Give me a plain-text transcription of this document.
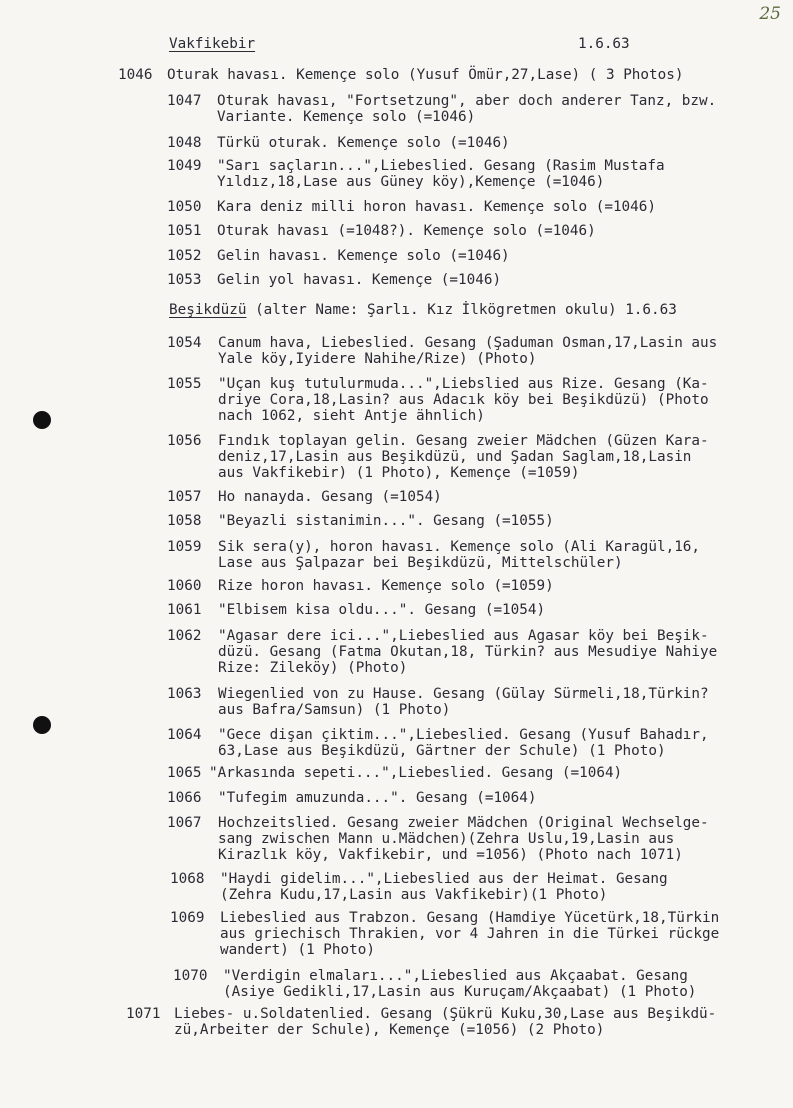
25
Vakfikebir	1.6.63
Beşikdüzü (alter Name: Şarlı. Kız İlkögretmen okulu) 1.6.63
1046 Oturak havası. Kemençe solo (Yusuf Ömür,27,Lase) ( 3 Photos)
1047 Oturak havası, "Fortsetzung", aber doch anderer Tanz, bzw.
Variante. Kemençe solo (=1046)
1048 Türkü oturak. Kemençe solo (=1046)
1049 "Sarı saçların...",Liebeslied. Gesang (Rasim Mustafa
Yıldız,18,Lase aus Güney köy),Kemençe (=1046)
1050 Kara deniz milli horon havası. Kemençe solo (=1046)
1051 Oturak havası (=1048?). Kemençe solo (=1046)
1052 Gelin havası. Kemençe solo (=1046)
1053 Gelin yol havası. Kemençe (=1046)
1054 Canum hava, Liebeslied. Gesang (Şaduman Osman,17,Lasin aus
Yale köy,Iyidere Nahihe/Rize) (Photo)
1055 "Uçan kuş tutulurmuda...",Liebslied aus Rize. Gesang (Ka-
driye Cora,18,Lasin? aus Adacık köy bei Beşikdüzü) (Photo
nach 1062, sieht Antje ähnlich)
1056 Fındık toplayan gelin. Gesang zweier Mädchen (Güzen Kara-
deniz,17,Lasin aus Beşikdüzü, und Şadan Saglam,18,Lasin
aus Vakfikebir) (1 Photo), Kemençe (=1059)
1057 Ho nanayda. Gesang (=1054)
1058 "Beyazli sistanimin...". Gesang (=1055)
1059 Sik sera(y), horon havası. Kemençe solo (Ali Karagül,16,
Lase aus Şalpazar bei Beşikdüzü, Mittelschüler)
1060 Rize horon havası. Kemençe solo (=1059)
1061 "Elbisem kisa oldu...". Gesang (=1054)
1062 "Agasar dere ici...",Liebeslied aus Agasar köy bei Beşik-
düzü. Gesang (Fatma Okutan,18, Türkin? aus Mesudiye Nahiye
Rize: Zileköy) (Photo)
1063 Wiegenlied von zu Hause. Gesang (Gülay Sürmeli,18,Türkin?
aus Bafra/Samsun) (1 Photo)
1064 "Gece dişan çiktim...",Liebeslied. Gesang (Yusuf Bahadır,
63,Lase aus Beşikdüzü, Gärtner der Schule) (1 Photo)
1065 "Arkasında sepeti...",Liebeslied. Gesang (=1064)
1066 "Tufegim amuzunda...". Gesang (=1064)
1067 Hochzeitslied. Gesang zweier Mädchen (Original Wechselge-
sang zwischen Mann u.Mädchen)(Zehra Uslu,19,Lasin aus
Kirazlık köy, Vakfikebir, und =1056) (Photo nach 1071)
1068 "Haydi gidelim...",Liebeslied aus der Heimat. Gesang
(Zehra Kudu,17,Lasin aus Vakfikebir)(1 Photo)
1069 Liebeslied aus Trabzon. Gesang (Hamdiye Yücetürk,18,Türkin
aus griechisch Thrakien, vor 4 Jahren in die Türkei rückge
wandert) (1 Photo)
1070 "Verdigin elmaları...",Liebeslied aus Akçaabat. Gesang
(Asiye Gedikli,17,Lasin aus Kuruçam/Akçaabat) (1 Photo)
1071 Liebes- u.Soldatenlied. Gesang (Şükrü Kuku,30,Lase aus Beşikdü-
zü,Arbeiter der Schule), Kemençe (=1056) (2 Photo)
